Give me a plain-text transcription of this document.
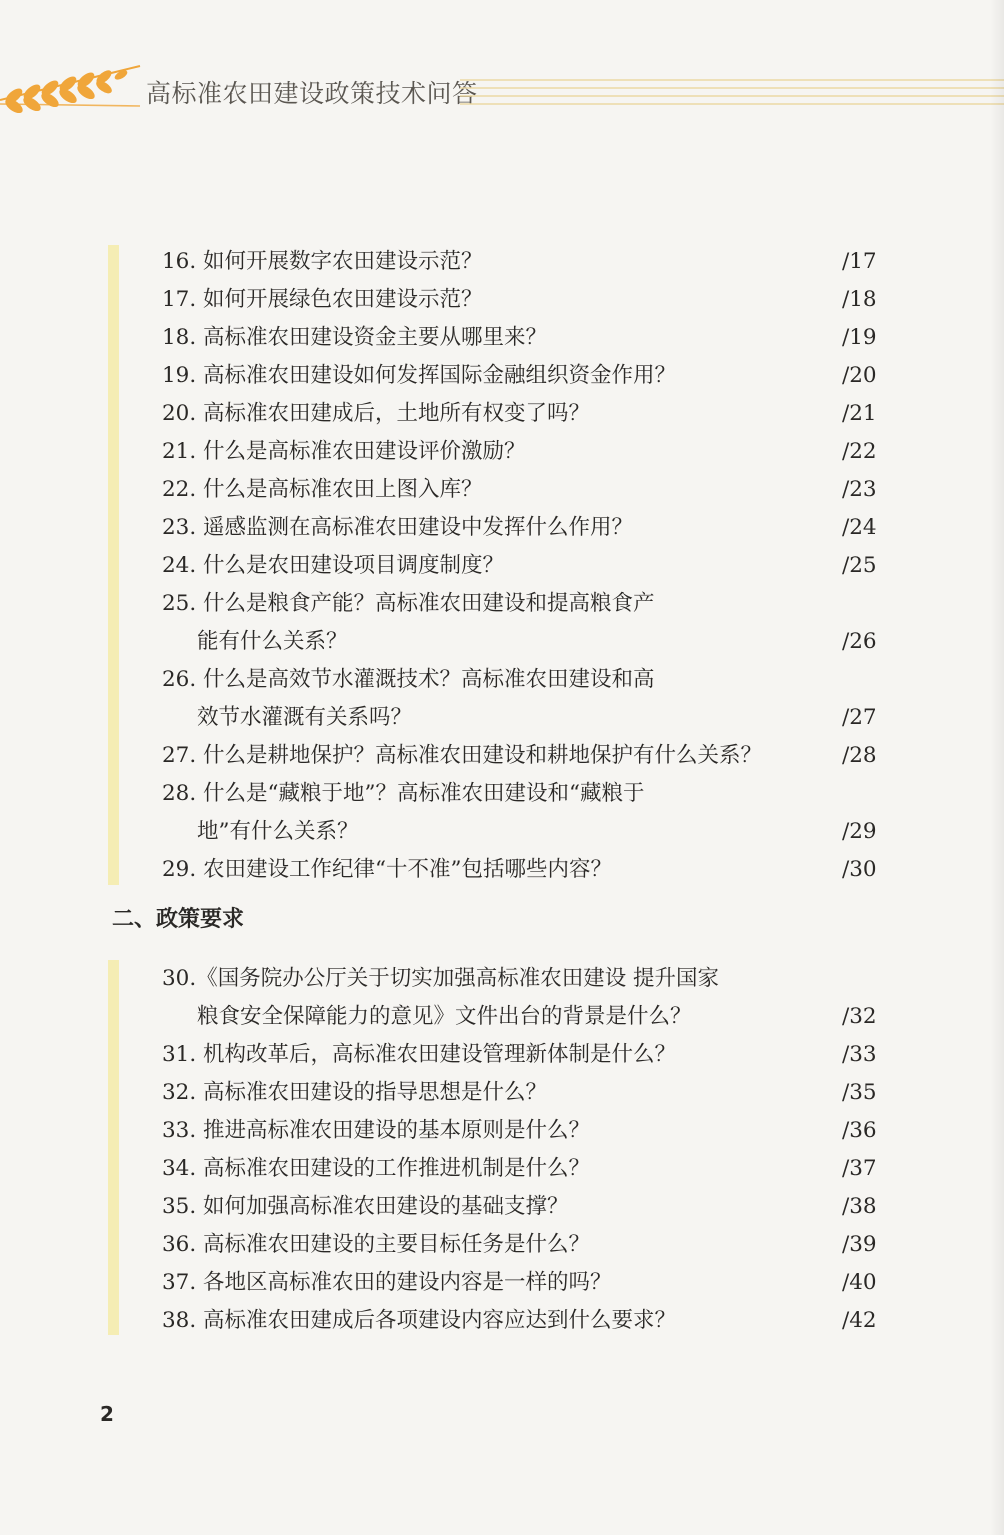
高标准农田建设政策技术问答
16. 如何开展数字农田建设示范？	/17
17. 如何开展绿色农田建设示范？	/18
18. 高标准农田建设资金主要从哪里来？	/19
19. 高标准农田建设如何发挥国际金融组织资金作用？	/20
20. 高标准农田建成后，土地所有权变了吗？	/21
21. 什么是高标准农田建设评价激励？	/22
22. 什么是高标准农田上图入库？	/23
23. 遥感监测在高标准农田建设中发挥什么作用？	/24
24. 什么是农田建设项目调度制度？	/25
25. 什么是粮食产能？高标准农田建设和提高粮食产
能有什么关系？	/26
26. 什么是高效节水灌溉技术？高标准农田建设和高
效节水灌溉有关系吗？	/27
27. 什么是耕地保护？高标准农田建设和耕地保护有什么关系？	/28
28. 什么是“藏粮于地”？高标准农田建设和“藏粮于
地”有什么关系？	/29
29. 农田建设工作纪律“十不准”包括哪些内容？	/30
二、政策要求
30.《国务院办公厅关于切实加强高标准农田建设 提升国家
粮食安全保障能力的意见》文件出台的背景是什么？	/32
31. 机构改革后，高标准农田建设管理新体制是什么？	/33
32. 高标准农田建设的指导思想是什么？	/35
33. 推进高标准农田建设的基本原则是什么？	/36
34. 高标准农田建设的工作推进机制是什么？	/37
35. 如何加强高标准农田建设的基础支撑？	/38
36. 高标准农田建设的主要目标任务是什么？	/39
37. 各地区高标准农田的建设内容是一样的吗？	/40
38. 高标准农田建成后各项建设内容应达到什么要求？	/42
2
